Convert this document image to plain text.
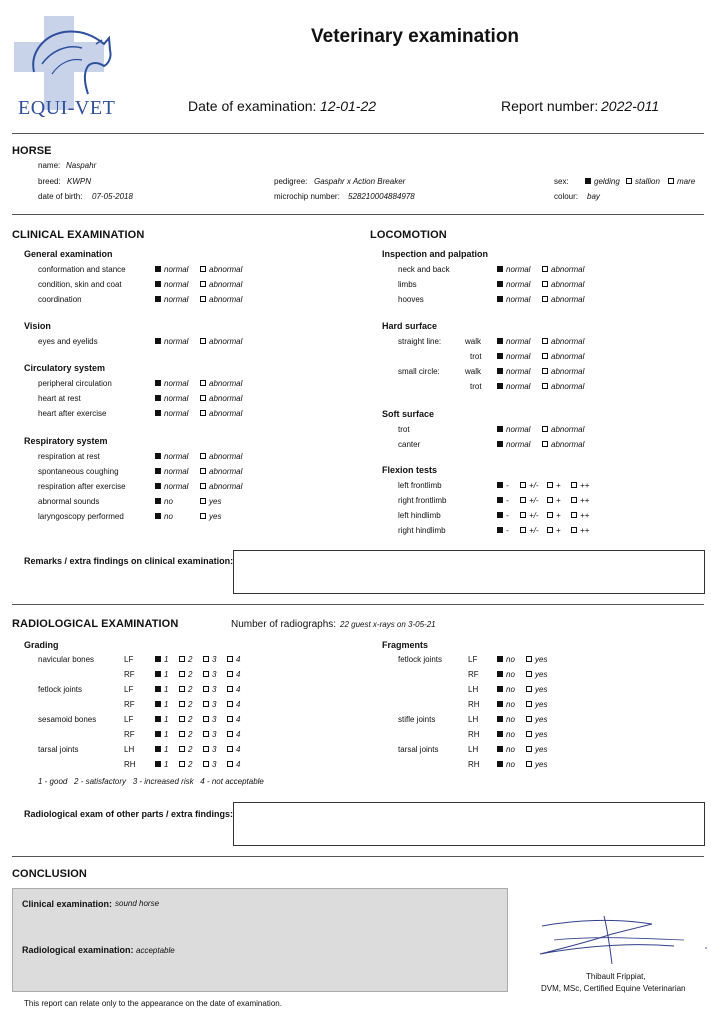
EQUI-VET
Veterinary examination
Date of examination: 12-01-22	Report number: 2022-011
HORSE
name: Naspahr
breed: KWPN
date of birth: 07-05-2018
pedigree: Gaspahr x Action Breaker
microchip number: 528210004884978
sex:	gelding	stallion	mare
colour: bay
CLINICAL EXAMINATION	LOCOMOTION
General examination
conformation and stance	normal	abnormal
condition, skin and coat	normal	abnormal
coordination	normal	abnormal
Vision
eyes and eyelids	normal	abnormal
Circulatory system
peripheral circulation	normal	abnormal
heart at rest	normal	abnormal
heart after exercise	normal	abnormal
Respiratory system
respiration at rest	normal	abnormal
spontaneous coughing	normal	abnormal
respiration after exercise	normal	abnormal
abnormal sounds	no	yes
laryngoscopy performed	no	yes
Inspection and palpation
neck and back	normal	abnormal
limbs	normal	abnormal
hooves	normal	abnormal
Hard surface
straight line:	walk	normal	abnormal
trot	normal	abnormal
small circle:	walk	normal	abnormal
trot	normal	abnormal
Soft surface
trot	normal	abnormal
canter	normal	abnormal
Flexion tests
left frontlimb	-	+/-	+	++
right frontlimb	-	+/-	+	++
left hindlimb	-	+/-	+	++
right hindlimb	-	+/-	+	++
Remarks / extra findings on clinical examination:
RADIOLOGICAL EXAMINATION	Number of radiographs: 22 guest x-rays on 3-05-21
Grading	Fragments
navicular bones	LF	1	2	3	4
RF	1	2	3	4
fetlock joints	LF	1	2	3	4
RF	1	2	3	4
sesamoid bones	LF	1	2	3	4
RF	1	2	3	4
tarsal joints	LH	1	2	3	4
RH	1	2	3	4
fetlock joints	LF	no	yes
RF	no	yes
LH	no	yes
RH	no	yes
stifle joints	LH	no	yes
RH	no	yes
tarsal joints	LH	no	yes
RH	no	yes
1 - good   2 - satisfactory   3 - increased risk   4 - not acceptable
Radiological exam of other parts / extra findings:
CONCLUSION
Clinical examination: sound horse
Radiological examination: acceptable
Thibault Frippiat,
DVM, MSc, Certified Equine Veterinarian
This report can relate only to the appearance on the date of examination.
